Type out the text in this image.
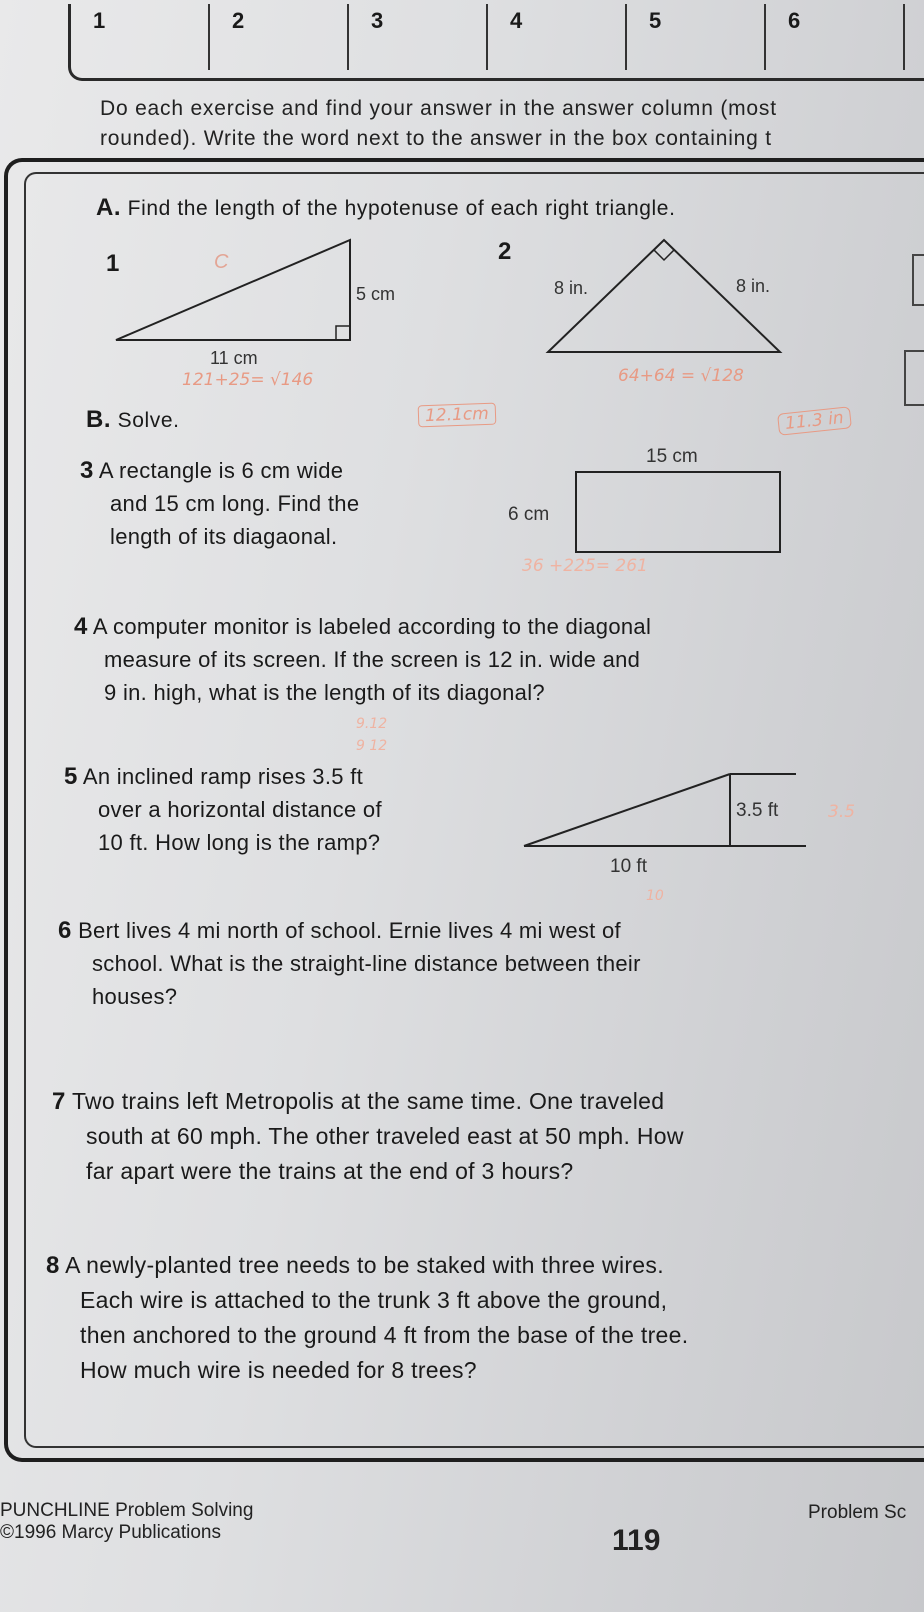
1	2	3	4	5	6
Do each exercise and find your answer in the answer column (most
rounded). Write the word next to the answer in the box containing t
A. Find the length of the hypotenuse of each right triangle.
1
5 cm
11 cm
C	2
8 in.	8 in.
121+25= √146
12.1cm
64+64 = √128
11.3 in
B. Solve.
3 A rectangle is 6 cm wide
and 15 cm long. Find the
length of its diagaonal.
15 cm
6 cm
36 +225= 261
4 A computer monitor is labeled according to the diagonal
measure of its screen. If the screen is 12 in. wide and
9 in. high, what is the length of its diagonal?
9.12
9 12
5 An inclined ramp rises 3.5 ft
over a horizontal distance of
10 ft. How long is the ramp?
3.5 ft
10 ft
3.5
10
6 Bert lives 4 mi north of school. Ernie lives 4 mi west of
school. What is the straight-line distance between their
houses?
7 Two trains left Metropolis at the same time. One traveled
south at 60 mph. The other traveled east at 50 mph. How
far apart were the trains at the end of 3 hours?
8 A newly-planted tree needs to be staked with three wires.
Each wire is attached to the trunk 3 ft above the ground,
then anchored to the ground 4 ft from the base of the tree.
How much wire is needed for 8 trees?
PUNCHLINE Problem Solving
©1996 Marcy Publications	119
Problem Sc
